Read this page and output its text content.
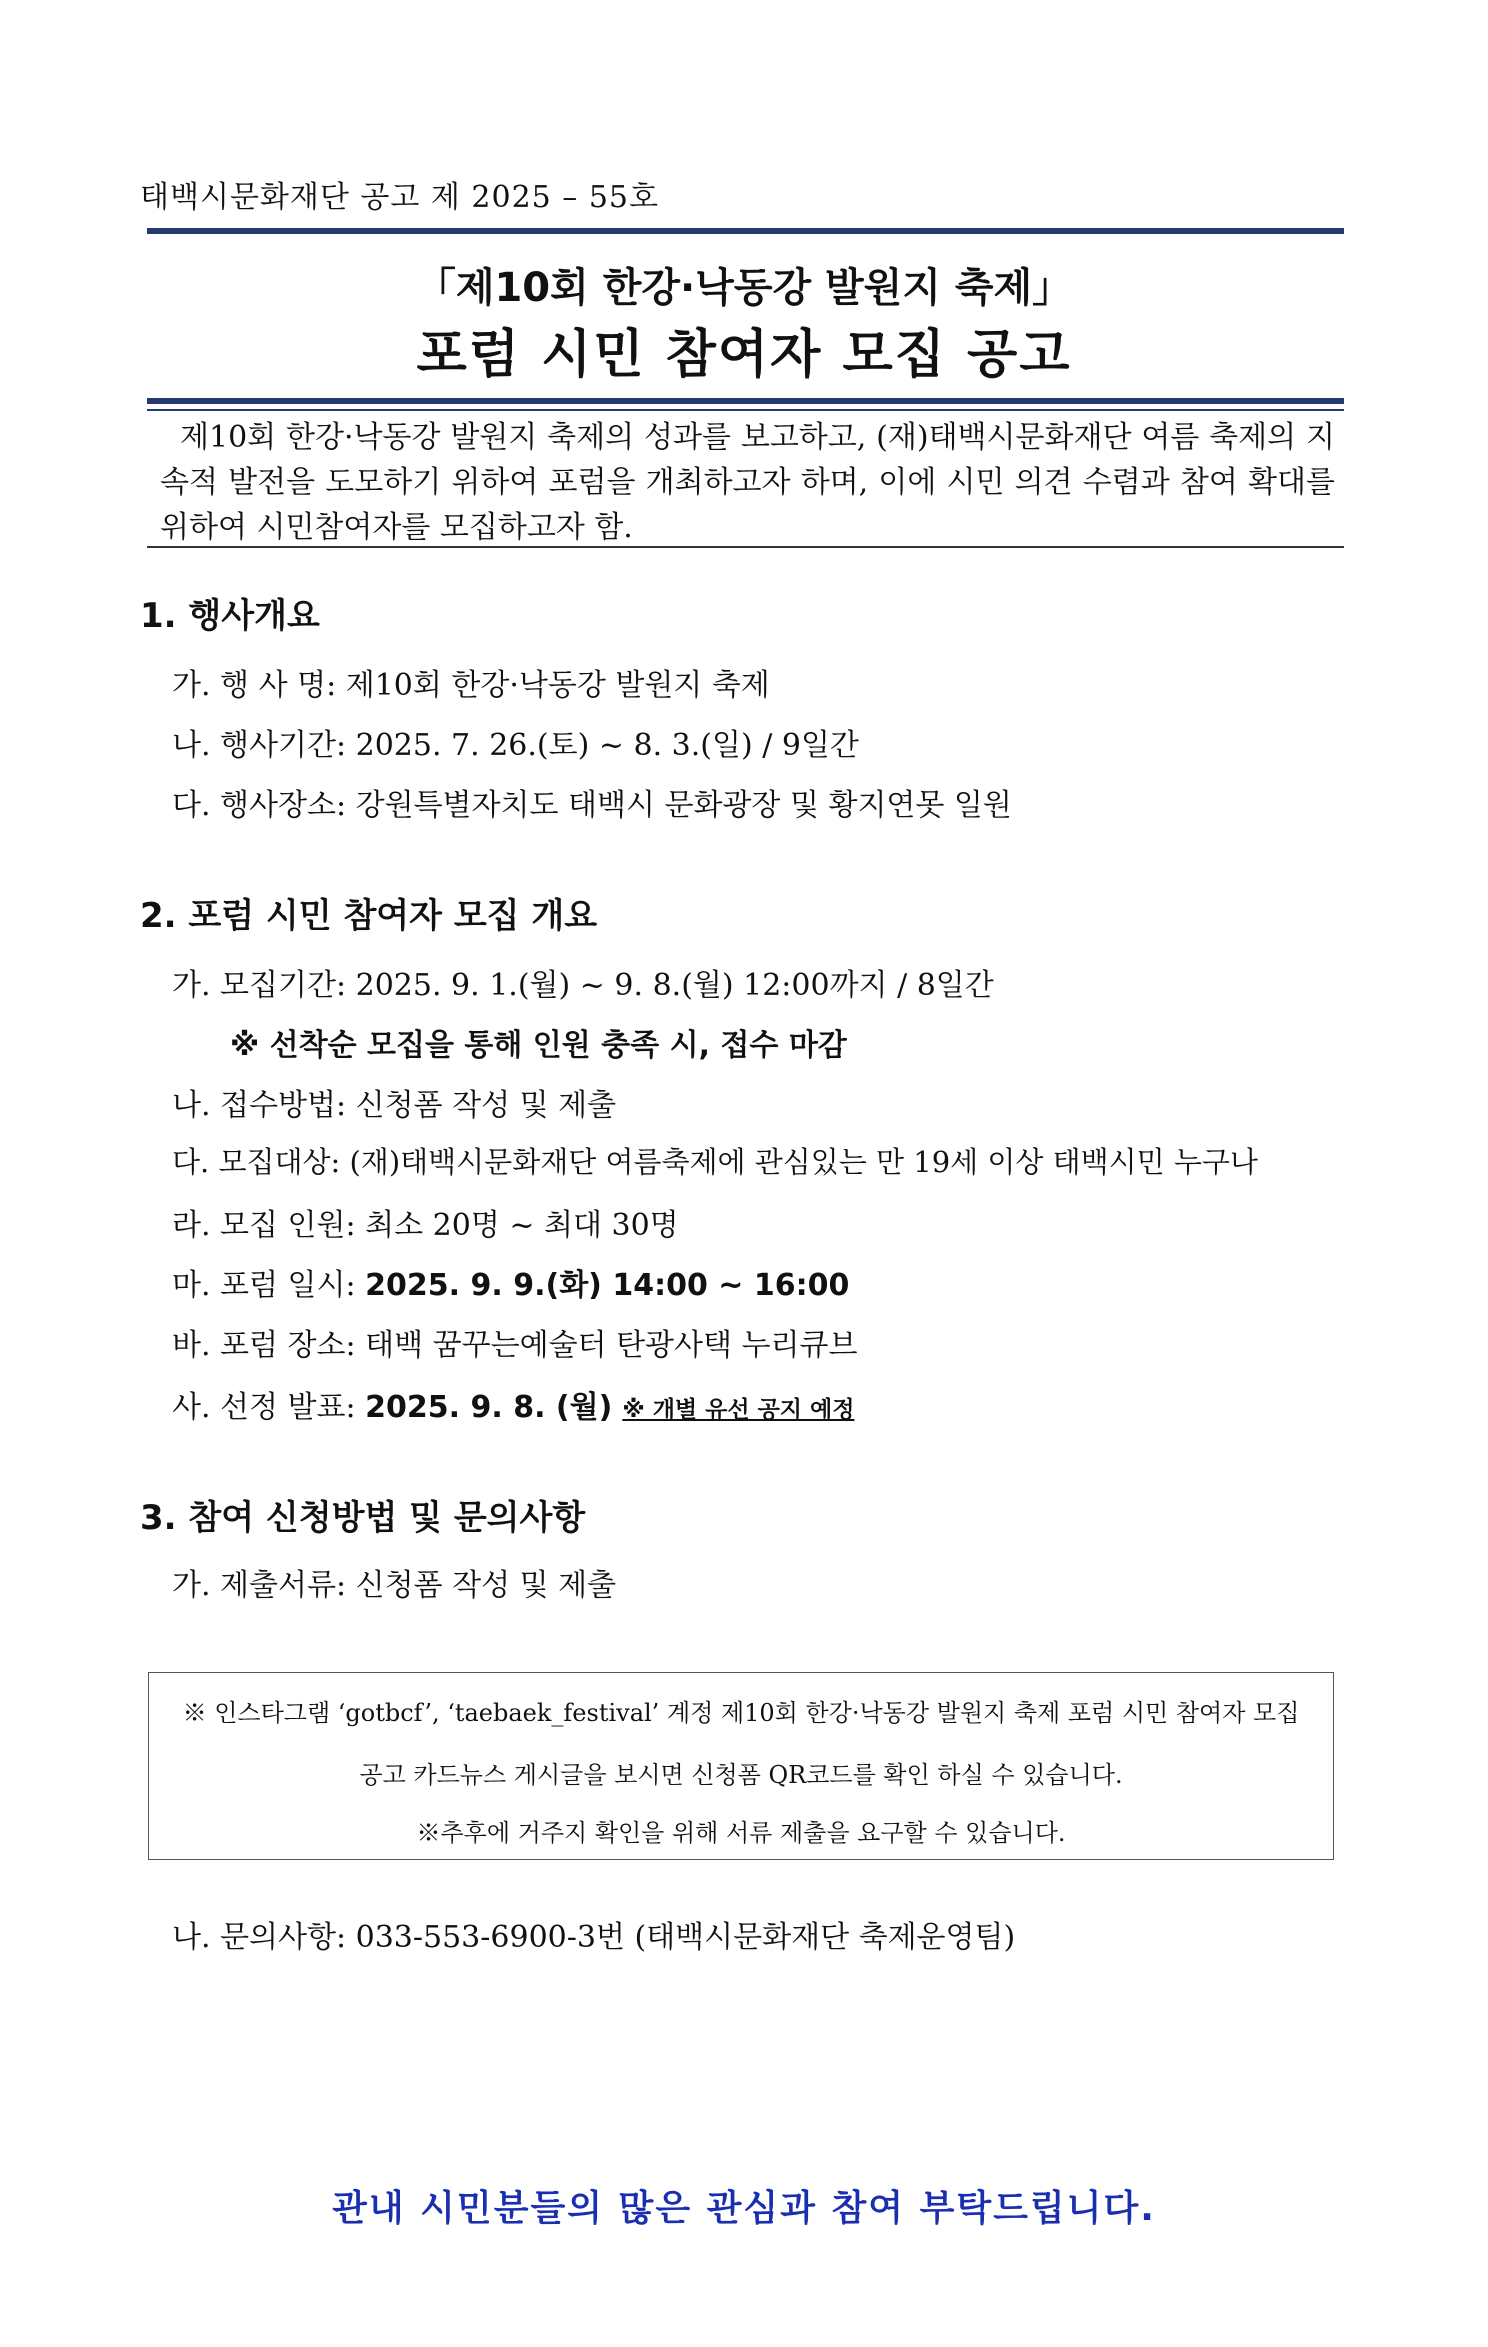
태백시문화재단 공고 제 2025 – 55호
「제10회 한강·낙동강 발원지 축제」
포럼 시민 참여자 모집 공고
제10회 한강·낙동강 발원지 축제의 성과를 보고하고, (재)태백시문화재단 여름 축제의 지속적 발전을 도모하기 위하여 포럼을 개최하고자 하며, 이에 시민 의견 수렴과 참여 확대를 위하여 시민참여자를 모집하고자 함.
1. 행사개요
가. 행 사 명: 제10회 한강·낙동강 발원지 축제
나. 행사기간: 2025. 7. 26.(토) ~ 8. 3.(일) / 9일간
다. 행사장소: 강원특별자치도 태백시 문화광장 및 황지연못 일원
2. 포럼 시민 참여자 모집 개요
가. 모집기간: 2025. 9. 1.(월) ~ 9. 8.(월) 12:00까지 / 8일간
※ 선착순 모집을 통해 인원 충족 시, 접수 마감
나. 접수방법: 신청폼 작성 및 제출
다. 모집대상: (재)태백시문화재단 여름축제에 관심있는 만 19세 이상 태백시민 누구나
라. 모집 인원: 최소 20명 ~ 최대 30명
마. 포럼 일시: 2025. 9. 9.(화) 14:00 ~ 16:00
바. 포럼 장소: 태백 꿈꾸는예술터 탄광사택 누리큐브
사. 선정 발표: 2025. 9. 8. (월) ※ 개별 유선 공지 예정
3. 참여 신청방법 및 문의사항
가. 제출서류: 신청폼 작성 및 제출
※ 인스타그램 ‘gotbcf’, ‘taebaek_festival’ 계정 제10회 한강·낙동강 발원지 축제 포럼 시민 참여자 모집
공고 카드뉴스 게시글을 보시면 신청폼 QR코드를 확인 하실 수 있습니다.
※추후에 거주지 확인을 위해 서류 제출을 요구할 수 있습니다.
나. 문의사항: 033-553-6900-3번 (태백시문화재단 축제운영팀)
관내 시민분들의 많은 관심과 참여 부탁드립니다.
